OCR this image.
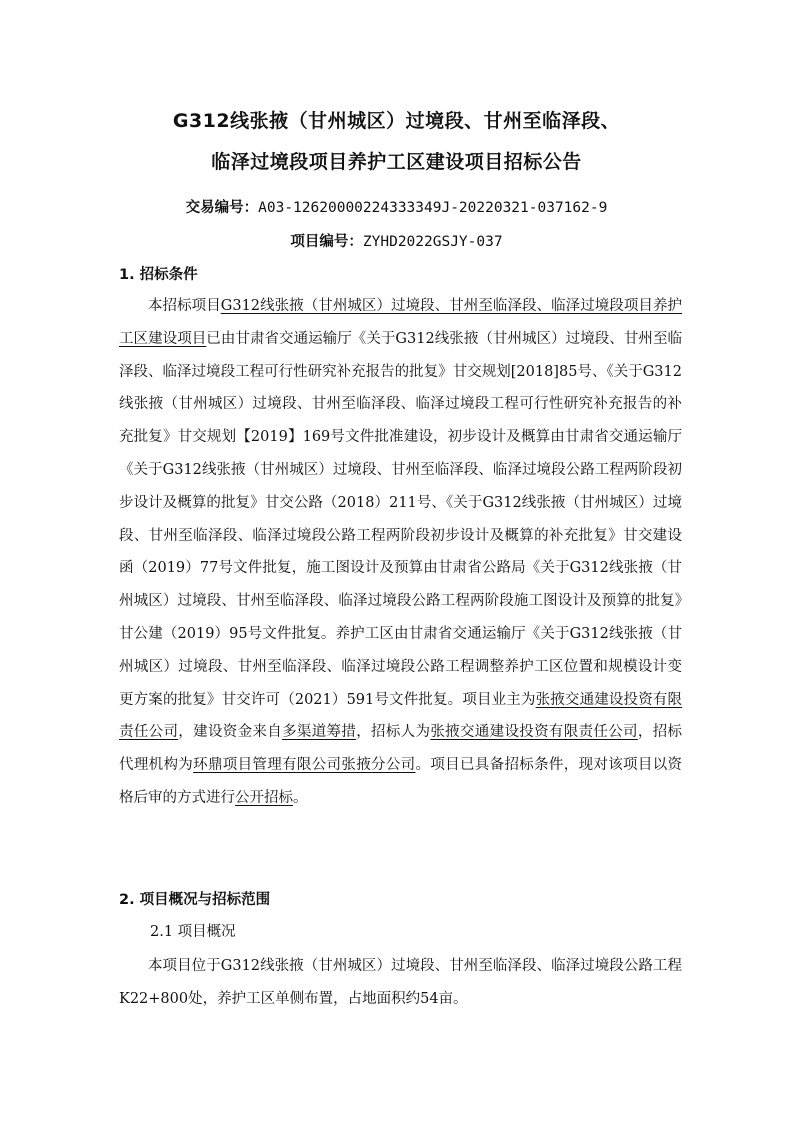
G312线张掖（甘州城区）过境段、甘州至临泽段、
临泽过境段项目养护工区建设项目招标公告
交易编号：A03-12620000224333349J-20220321-037162-9
项目编号：ZYHD2022GSJY-037
1. 招标条件
本招标项目G312线张掖（甘州城区）过境段、甘州至临泽段、临泽过境段项目养护工区建设项目已由甘肃省交通运输厅《关于G312线张掖（甘州城区）过境段、甘州至临泽段、临泽过境段工程可行性研究补充报告的批复》甘交规划[2018]85号、《关于G312线张掖（甘州城区）过境段、甘州至临泽段、临泽过境段工程可行性研究补充报告的补充批复》甘交规划【2019】169号文件批准建设，初步设计及概算由甘肃省交通运输厅《关于G312线张掖（甘州城区）过境段、甘州至临泽段、临泽过境段公路工程两阶段初步设计及概算的批复》甘交公路（2018）211号、《关于G312线张掖（甘州城区）过境段、甘州至临泽段、临泽过境段公路工程两阶段初步设计及概算的补充批复》甘交建设函（2019）77号文件批复，施工图设计及预算由甘肃省公路局《关于G312线张掖（甘州城区）过境段、甘州至临泽段、临泽过境段公路工程两阶段施工图设计及预算的批复》甘公建（2019）95号文件批复。养护工区由甘肃省交通运输厅《关于G312线张掖（甘州城区）过境段、甘州至临泽段、临泽过境段公路工程调整养护工区位置和规模设计变更方案的批复》甘交许可（2021）591号文件批复。项目业主为张掖交通建设投资有限责任公司，建设资金来自多渠道筹措，招标人为张掖交通建设投资有限责任公司，招标代理机构为环鼎项目管理有限公司张掖分公司。项目已具备招标条件，现对该项目以资格后审的方式进行公开招标。
2. 项目概况与招标范围
2.1 项目概况
本项目位于G312线张掖（甘州城区）过境段、甘州至临泽段、临泽过境段公路工程K22+800处，养护工区单侧布置，占地面积约54亩。
